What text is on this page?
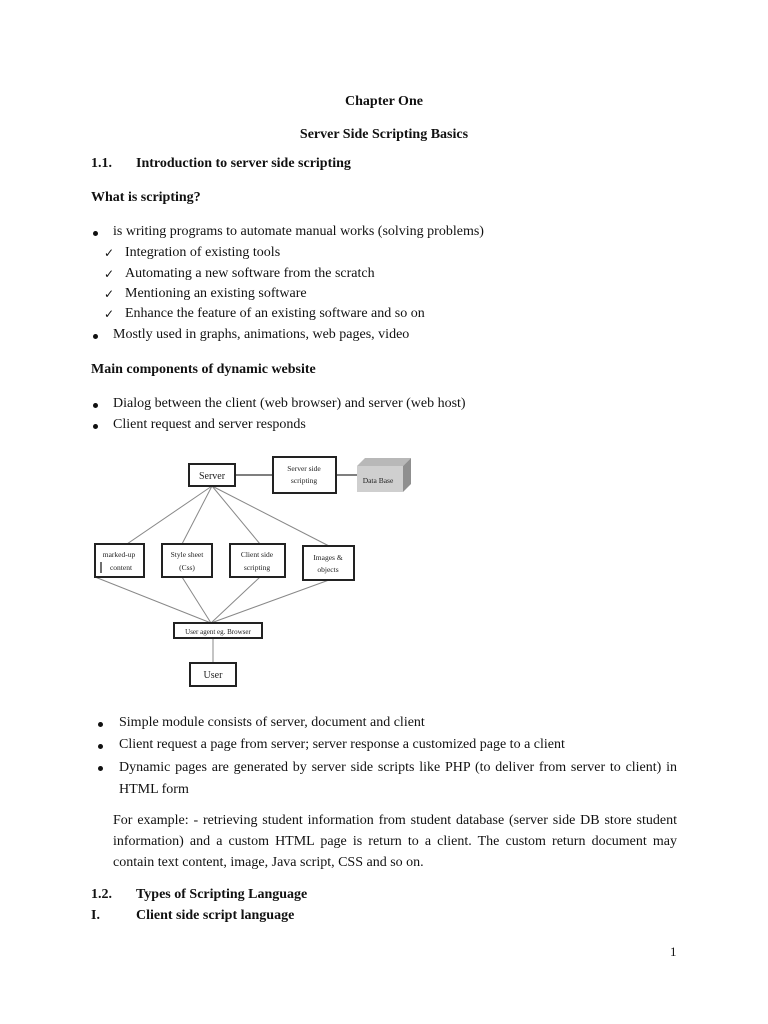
Chapter One
Server Side Scripting Basics
1.1. Introduction to server side scripting
What is scripting?
is writing programs to automate manual works (solving problems)
✓ Integration of existing tools
✓ Automating a new software from the scratch
✓ Mentioning an existing software
✓ Enhance the feature of an existing software and so on
Mostly used in graphs, animations, web pages, video
Main components of dynamic website
Dialog between the client (web browser) and server (web host)
Client request and server responds
Server
Server side
scripting	Data Base
marked-up
content
Style sheet
(Css)
Client side
scripting
Images &
objects
User agent eg. Browser
User
Simple module consists of server, document and client
Client request a page from server; server response a customized page to a client
Dynamic pages are generated by server side scripts like PHP (to deliver from server to client) in HTML form
For example: - retrieving student information from student database (server side DB store student information) and a custom HTML page is return to a client. The custom return document may contain text content, image, Java script, CSS and so on.
1.2. Types of Scripting Language
I.	Client side script language
1
